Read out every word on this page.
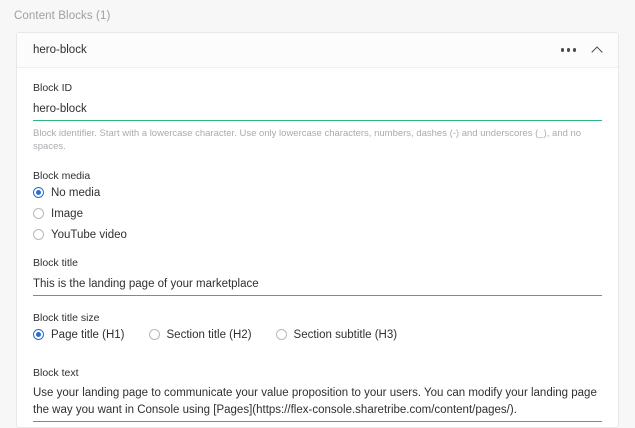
Content Blocks (1)
hero-block
Block ID
hero-block
Block identifier. Start with a lowercase character. Use only lowercase characters, numbers, dashes (-) and underscores (_), and no spaces.
Block media
No media
Image
YouTube video
Block title
This is the landing page of your marketplace
Block title size
Page title (H1)	Section title (H2)	Section subtitle (H3)
Block text
Use your landing page to communicate your value proposition to your users. You can modify your landing page the way you want in Console using [Pages](https://flex-console.sharetribe.com/content/pages/).
